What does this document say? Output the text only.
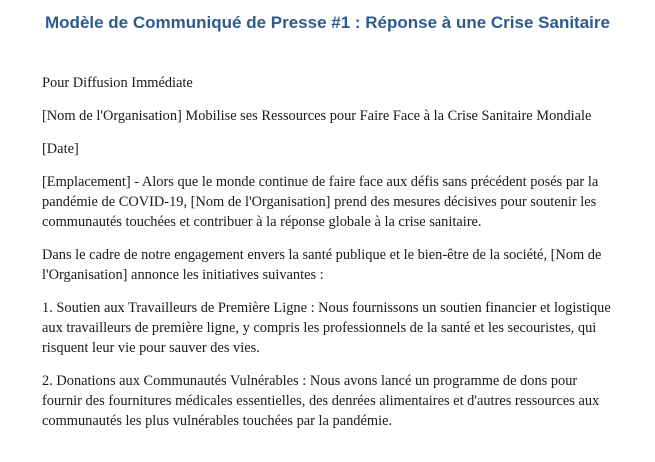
Modèle de Communiqué de Presse #1 : Réponse à une Crise Sanitaire

Pour Diffusion Immédiate

[Nom de l'Organisation] Mobilise ses Ressources pour Faire Face à la Crise Sanitaire Mondiale

[Date]

[Emplacement] - Alors que le monde continue de faire face aux défis sans précédent posés par la pandémie de COVID-19, [Nom de l'Organisation] prend des mesures décisives pour soutenir les communautés touchées et contribuer à la réponse globale à la crise sanitaire.

Dans le cadre de notre engagement envers la santé publique et le bien-être de la société, [Nom de l'Organisation] annonce les initiatives suivantes :

1. Soutien aux Travailleurs de Première Ligne : Nous fournissons un soutien financier et logistique aux travailleurs de première ligne, y compris les professionnels de la santé et les secouristes, qui risquent leur vie pour sauver des vies.

2. Donations aux Communautés Vulnérables : Nous avons lancé un programme de dons pour fournir des fournitures médicales essentielles, des denrées alimentaires et d'autres ressources aux communautés les plus vulnérables touchées par la pandémie.
